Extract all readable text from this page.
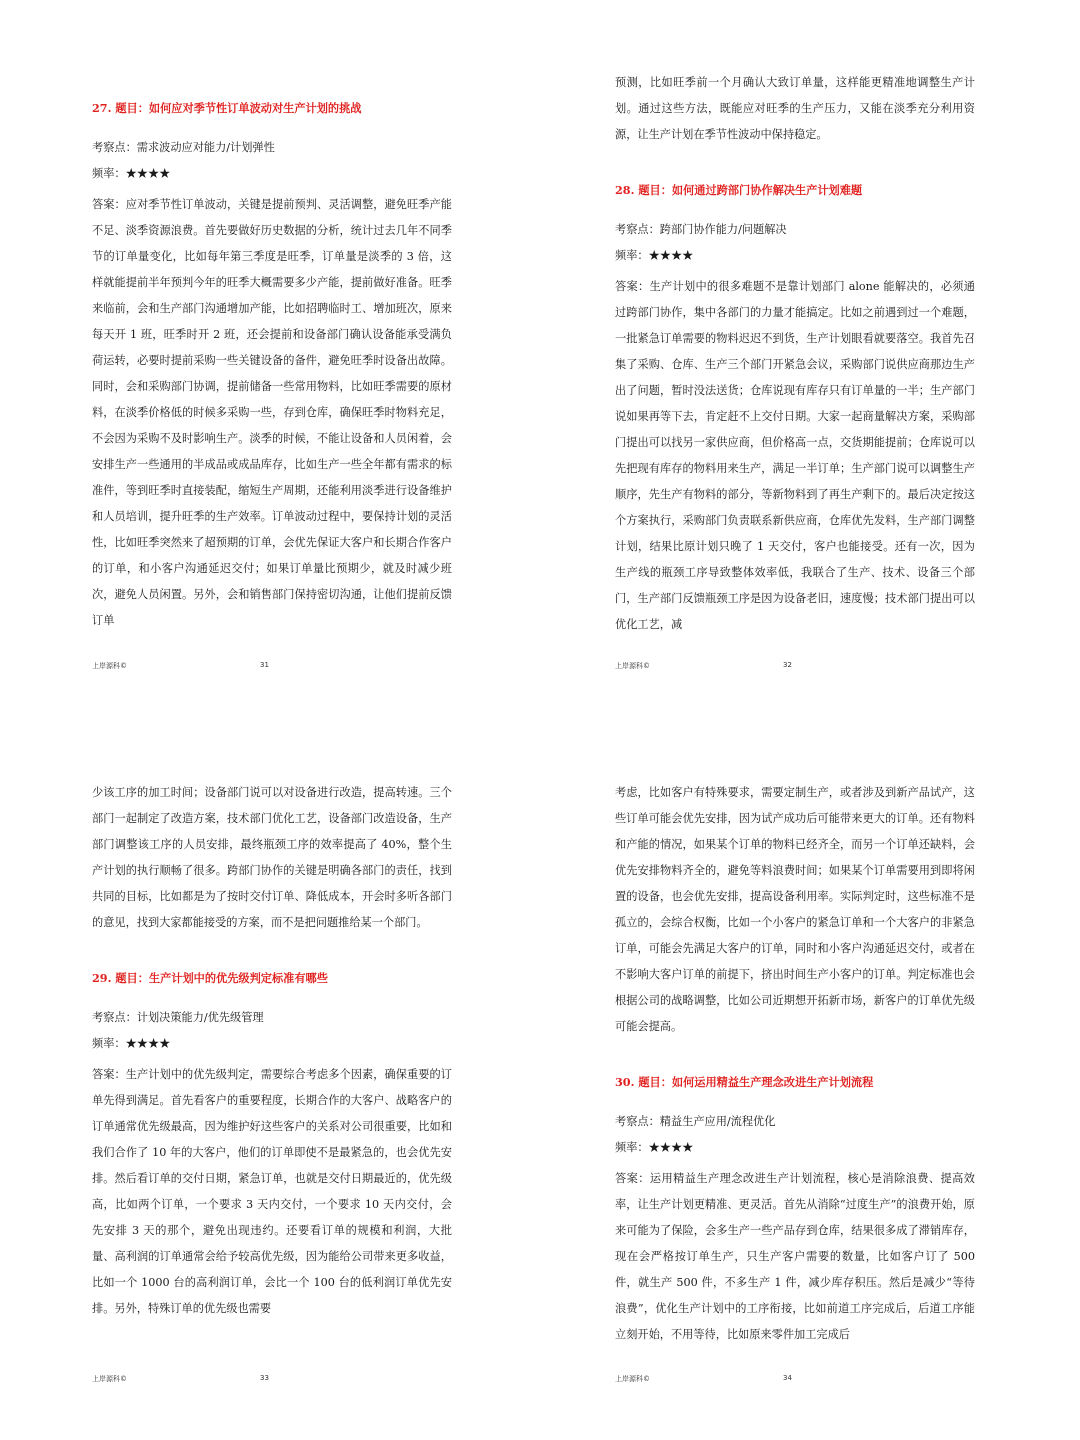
27. 题目：如何应对季节性订单波动对生产计划的挑战

考察点：需求波动应对能力/计划弹性

频率：★★★★

答案：应对季节性订单波动，关键是提前预判、灵活调整，避免旺季产能不足、淡季资源浪费。首先要做好历史数据的分析，统计过去几年不同季节的订单量变化，比如每年第三季度是旺季，订单量是淡季的 3 倍，这样就能提前半年预判今年的旺季大概需要多少产能，提前做好准备。旺季来临前，会和生产部门沟通增加产能，比如招聘临时工、增加班次，原来每天开 1 班，旺季时开 2 班，还会提前和设备部门确认设备能承受满负荷运转，必要时提前采购一些关键设备的备件，避免旺季时设备出故障。同时，会和采购部门协调，提前储备一些常用物料，比如旺季需要的原材料，在淡季价格低的时候多采购一些，存到仓库，确保旺季时物料充足，不会因为采购不及时影响生产。淡季的时候，不能让设备和人员闲着，会安排生产一些通用的半成品或成品库存，比如生产一些全年都有需求的标准件，等到旺季时直接装配，缩短生产周期，还能利用淡季进行设备维护和人员培训，提升旺季的生产效率。订单波动过程中，要保持计划的灵活性，比如旺季突然来了超预期的订单，会优先保证大客户和长期合作客户的订单，和小客户沟通延迟交付；如果订单量比预期少，就及时减少班次，避免人员闲置。另外，会和销售部门保持密切沟通，让他们提前反馈订单

上岸源科©	31

预测，比如旺季前一个月确认大致订单量，这样能更精准地调整生产计划。通过这些方法，既能应对旺季的生产压力，又能在淡季充分利用资源，让生产计划在季节性波动中保持稳定。

28. 题目：如何通过跨部门协作解决生产计划难题

考察点：跨部门协作能力/问题解决

频率：★★★★

答案：生产计划中的很多难题不是靠计划部门 alone 能解决的，必须通过跨部门协作，集中各部门的力量才能搞定。比如之前遇到过一个难题，一批紧急订单需要的物料迟迟不到货，生产计划眼看就要落空。我首先召集了采购、仓库、生产三个部门开紧急会议，采购部门说供应商那边生产出了问题，暂时没法送货；仓库说现有库存只有订单量的一半；生产部门说如果再等下去，肯定赶不上交付日期。大家一起商量解决方案，采购部门提出可以找另一家供应商，但价格高一点，交货期能提前；仓库说可以先把现有库存的物料用来生产，满足一半订单；生产部门说可以调整生产顺序，先生产有物料的部分，等新物料到了再生产剩下的。最后决定按这个方案执行，采购部门负责联系新供应商，仓库优先发料，生产部门调整计划，结果比原计划只晚了 1 天交付，客户也能接受。还有一次，因为生产线的瓶颈工序导致整体效率低，我联合了生产、技术、设备三个部门，生产部门反馈瓶颈工序是因为设备老旧，速度慢；技术部门提出可以优化工艺，减

上岸源科©	32

少该工序的加工时间；设备部门说可以对设备进行改造，提高转速。三个部门一起制定了改造方案，技术部门优化工艺，设备部门改造设备，生产部门调整该工序的人员安排，最终瓶颈工序的效率提高了 40%，整个生产计划的执行顺畅了很多。跨部门协作的关键是明确各部门的责任，找到共同的目标，比如都是为了按时交付订单、降低成本，开会时多听各部门的意见，找到大家都能接受的方案，而不是把问题推给某一个部门。

29. 题目：生产计划中的优先级判定标准有哪些

考察点：计划决策能力/优先级管理

频率：★★★★

答案：生产计划中的优先级判定，需要综合考虑多个因素，确保重要的订单先得到满足。首先看客户的重要程度，长期合作的大客户、战略客户的订单通常优先级最高，因为维护好这些客户的关系对公司很重要，比如和我们合作了 10 年的大客户，他们的订单即使不是最紧急的，也会优先安排。然后看订单的交付日期，紧急订单，也就是交付日期最近的，优先级高，比如两个订单，一个要求 3 天内交付，一个要求 10 天内交付，会先安排 3 天的那个，避免出现违约。还要看订单的规模和利润，大批量、高利润的订单通常会给予较高优先级，因为能给公司带来更多收益，比如一个 1000 台的高利润订单，会比一个 100 台的低利润订单优先安排。另外，特殊订单的优先级也需要

上岸源科©	33

考虑，比如客户有特殊要求，需要定制生产，或者涉及到新产品试产，这些订单可能会优先安排，因为试产成功后可能带来更大的订单。还有物料和产能的情况，如果某个订单的物料已经齐全，而另一个订单还缺料，会优先安排物料齐全的，避免等料浪费时间；如果某个订单需要用到即将闲置的设备，也会优先安排，提高设备利用率。实际判定时，这些标准不是孤立的，会综合权衡，比如一个小客户的紧急订单和一个大客户的非紧急订单，可能会先满足大客户的订单，同时和小客户沟通延迟交付，或者在不影响大客户订单的前提下，挤出时间生产小客户的订单。判定标准也会根据公司的战略调整，比如公司近期想开拓新市场，新客户的订单优先级可能会提高。

30. 题目：如何运用精益生产理念改进生产计划流程

考察点：精益生产应用/流程优化

频率：★★★★

答案：运用精益生产理念改进生产计划流程，核心是消除浪费、提高效率，让生产计划更精准、更灵活。首先从消除“过度生产”的浪费开始，原来可能为了保险，会多生产一些产品存到仓库，结果很多成了滞销库存，现在会严格按订单生产，只生产客户需要的数量，比如客户订了 500 件，就生产 500 件，不多生产 1 件，减少库存积压。然后是减少“等待浪费”，优化生产计划中的工序衔接，比如前道工序完成后，后道工序能立刻开始，不用等待，比如原来零件加工完成后

上岸源科©	34
